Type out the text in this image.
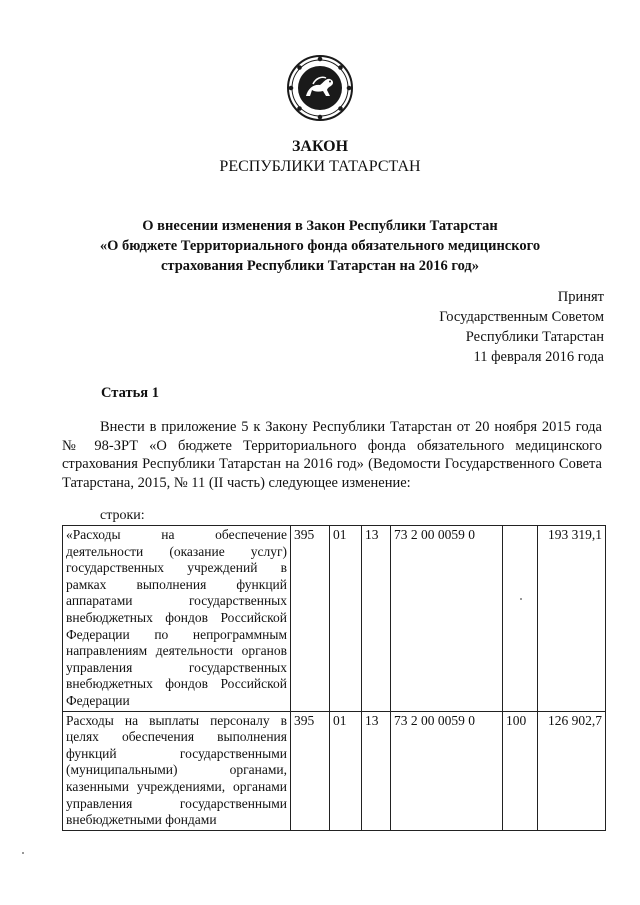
ЗАКОН
РЕСПУБЛИКИ ТАТАРСТАН
О внесении изменения в Закон Республики Татарстан
«О бюджете Территориального фонда обязательного медицинского
страхования Республики Татарстан на 2016 год»
Принят
Государственным Советом
Республики Татарстан
11 февраля 2016 года
Статья 1
Внести в приложение 5 к Закону Республики Татарстан от 20 ноября 2015 года № 98-ЗРТ «О бюджете Территориального фонда обязательного медицинского страхования Республики Татарстан на 2016 год» (Ведомости Государственного Совета Татарстана, 2015, № 11 (II часть) следующее изменение:
строки:
«Расходы на обеспечение деятельности (оказание услуг) государственных учреждений в рамках выполнения функций аппаратами государственных внебюджетных фондов Российской Федерации по непрограммным направлениям деятельности органов управления государственных внебюджетных фондов Российской Федерации	395	01	13	73 2 00 0059 0		193 319,1
Расходы на выплаты персоналу в целях обеспечения выполнения функций государственными (муниципальными) органами, казенными учреждениями, органами управления государственными внебюджетными фондами	395	01	13	73 2 00 0059 0	100	126 902,7
